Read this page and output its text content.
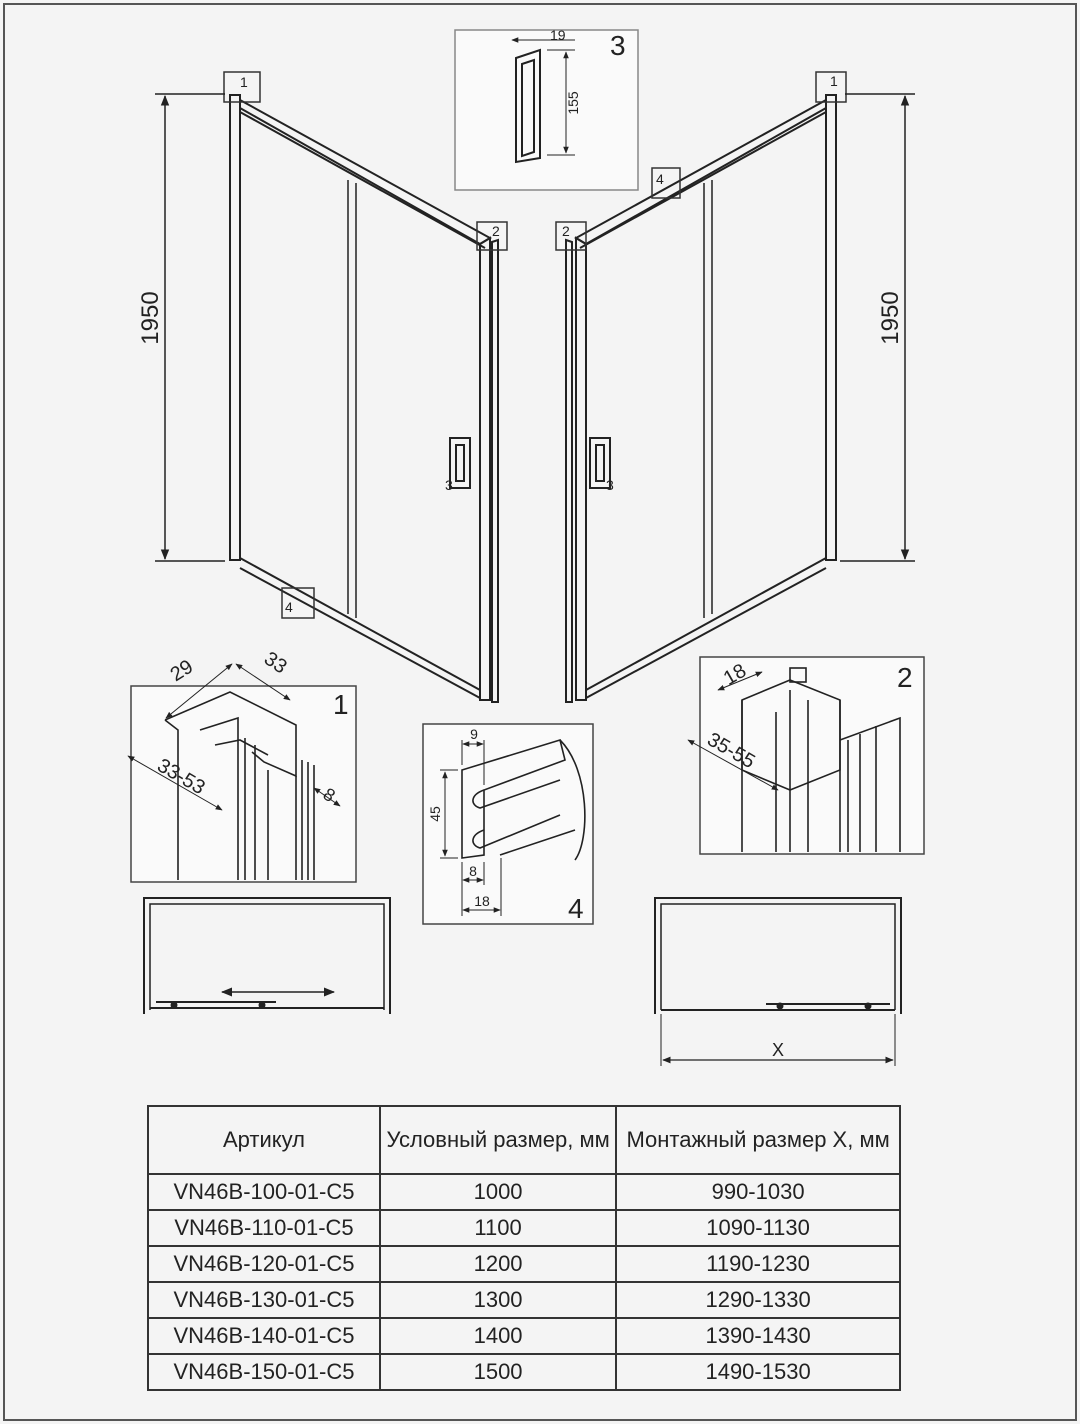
1
2
3
4
1
2
3
4
1950	1950
19
155
3
29	33
33-53	8
1
9
45
8
18	4
18
35-55
2
X
Артикул	Условный размер, мм	Монтажный размер X, мм
VN46B-100-01-C5	1000	990-1030
VN46B-110-01-C5	1100	1090-1130
VN46B-120-01-C5	1200	1190-1230
VN46B-130-01-C5	1300	1290-1330
VN46B-140-01-C5	1400	1390-1430
VN46B-150-01-C5	1500	1490-1530
